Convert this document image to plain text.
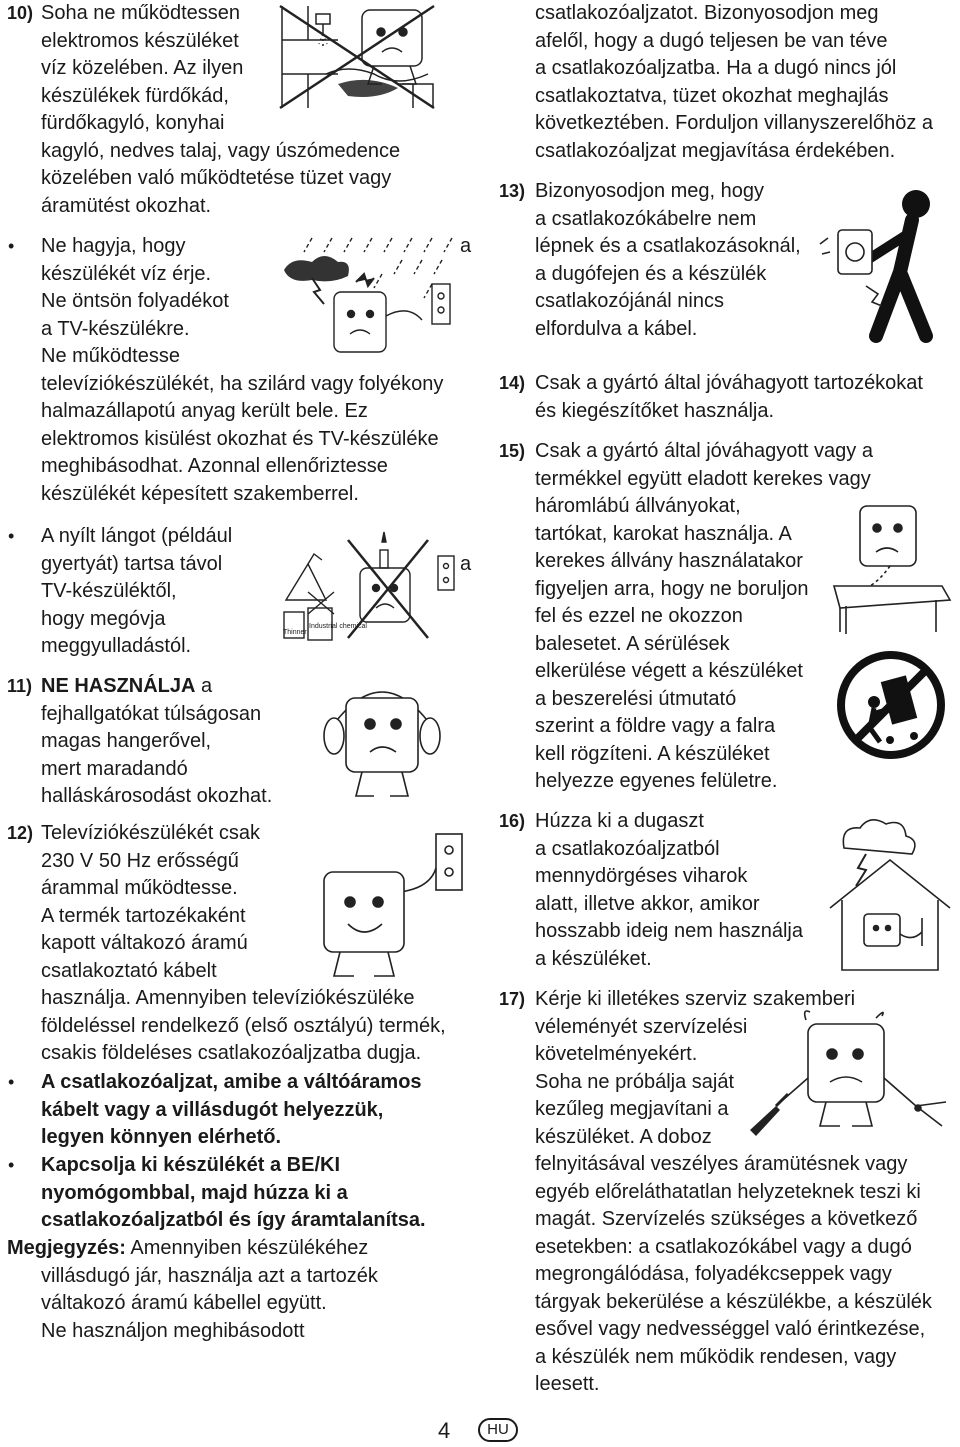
10) Soha ne működtessen
elektromos készüléket
víz közelében. Az ilyen
készülékek fürdőkád,
fürdőkagyló, konyhai
kagyló, nedves talaj, vagy úszómedence
közelében való működtetése tüzet vagy
áramütést okozhat.
• Ne hagyja, hogy
készülékét víz érje.
Ne öntsön folyadékot
a TV-készülékre.
Ne működtesse
televíziókészülékét, ha szilárd vagy folyékony
halmazállapotú anyag került bele. Ez
elektromos kisülést okozhat és TV-készüléke
meghibásodhat. Azonnal ellenőriztesse
készülékét képesített szakemberrel.
a
• A nyílt lángot (például
gyertyát) tartsa távol
TV-készüléktől,
hogy megóvja
meggyulladástól.
a
Industrial chemical
Thinner
11) NE HASZNÁLJA a
fejhallgatókat túlságosan
magas hangerővel,
mert maradandó
halláskárosodást okozhat.
12) Televíziókészülékét csak
230 V 50 Hz erősségű
árammal működtesse.
A termék tartozékaként
kapott váltakozó áramú
csatlakoztató kábelt
használja. Amennyiben televíziókészüléke
földeléssel rendelkező (első osztályú) termék,
csakis földeléses csatlakozóaljzatba dugja.
• A csatlakozóaljzat, amibe a váltóáramos
kábelt vagy a villásdugót helyezzük,
legyen könnyen elérhető.
• Kapcsolja ki készülékét a BE/KI
nyomógombbal, majd húzza ki a
csatlakozóaljzatból és így áramtalanítsa.
Megjegyzés: Amennyiben készülékéhez
villásdugó jár, használja azt a tartozék
váltakozó áramú kábellel együtt.
Ne használjon meghibásodott
csatlakozóaljzatot. Bizonyosodjon meg
afelől, hogy a dugó teljesen be van téve
a csatlakozóaljzatba. Ha a dugó nincs jól
csatlakoztatva, tüzet okozhat meghajlás
következtében. Forduljon villanyszerelőhöz a
csatlakozóaljzat megjavítása érdekében.
13) Bizonyosodjon meg, hogy
a csatlakozókábelre nem
lépnek és a csatlakozásoknál,
a dugófejen és a készülék
csatlakozójánál nincs
elfordulva a kábel.
14) Csak a gyártó által jóváhagyott tartozékokat
és kiegészítőket használja.
15) Csak a gyártó által jóváhagyott vagy a
termékkel együtt eladott kerekes vagy
háromlábú állványokat,
tartókat, karokat használja. A
kerekes állvány használatakor
figyeljen arra, hogy ne boruljon
fel és ezzel ne okozzon
balesetet. A sérülések
elkerülése végett a készüléket
a beszerelési útmutató
szerint a földre vagy a falra
kell rögzíteni. A készüléket
helyezze egyenes felületre.
16) Húzza ki a dugaszt
a csatlakozóaljzatból
mennydörgéses viharok
alatt, illetve akkor, amikor
hosszabb ideig nem használja
a készüléket.
17) Kérje ki illetékes szerviz szakemberi
véleményét szervízelési
követelményekért.
Soha ne próbálja saját
kezűleg megjavítani a
készüléket. A doboz
felnyitásával veszélyes áramütésnek vagy
egyéb előreláthatatlan helyzeteknek teszi ki
magát. Szervízelés szükséges a következő
esetekben: a csatlakozókábel vagy a dugó
megrongálódása, folyadékcseppek vagy
tárgyak bekerülése a készülékbe, a készülék
esővel vagy nedvességgel való érintkezése,
a készülék nem működik rendesen, vagy
leesett.
4	HU
